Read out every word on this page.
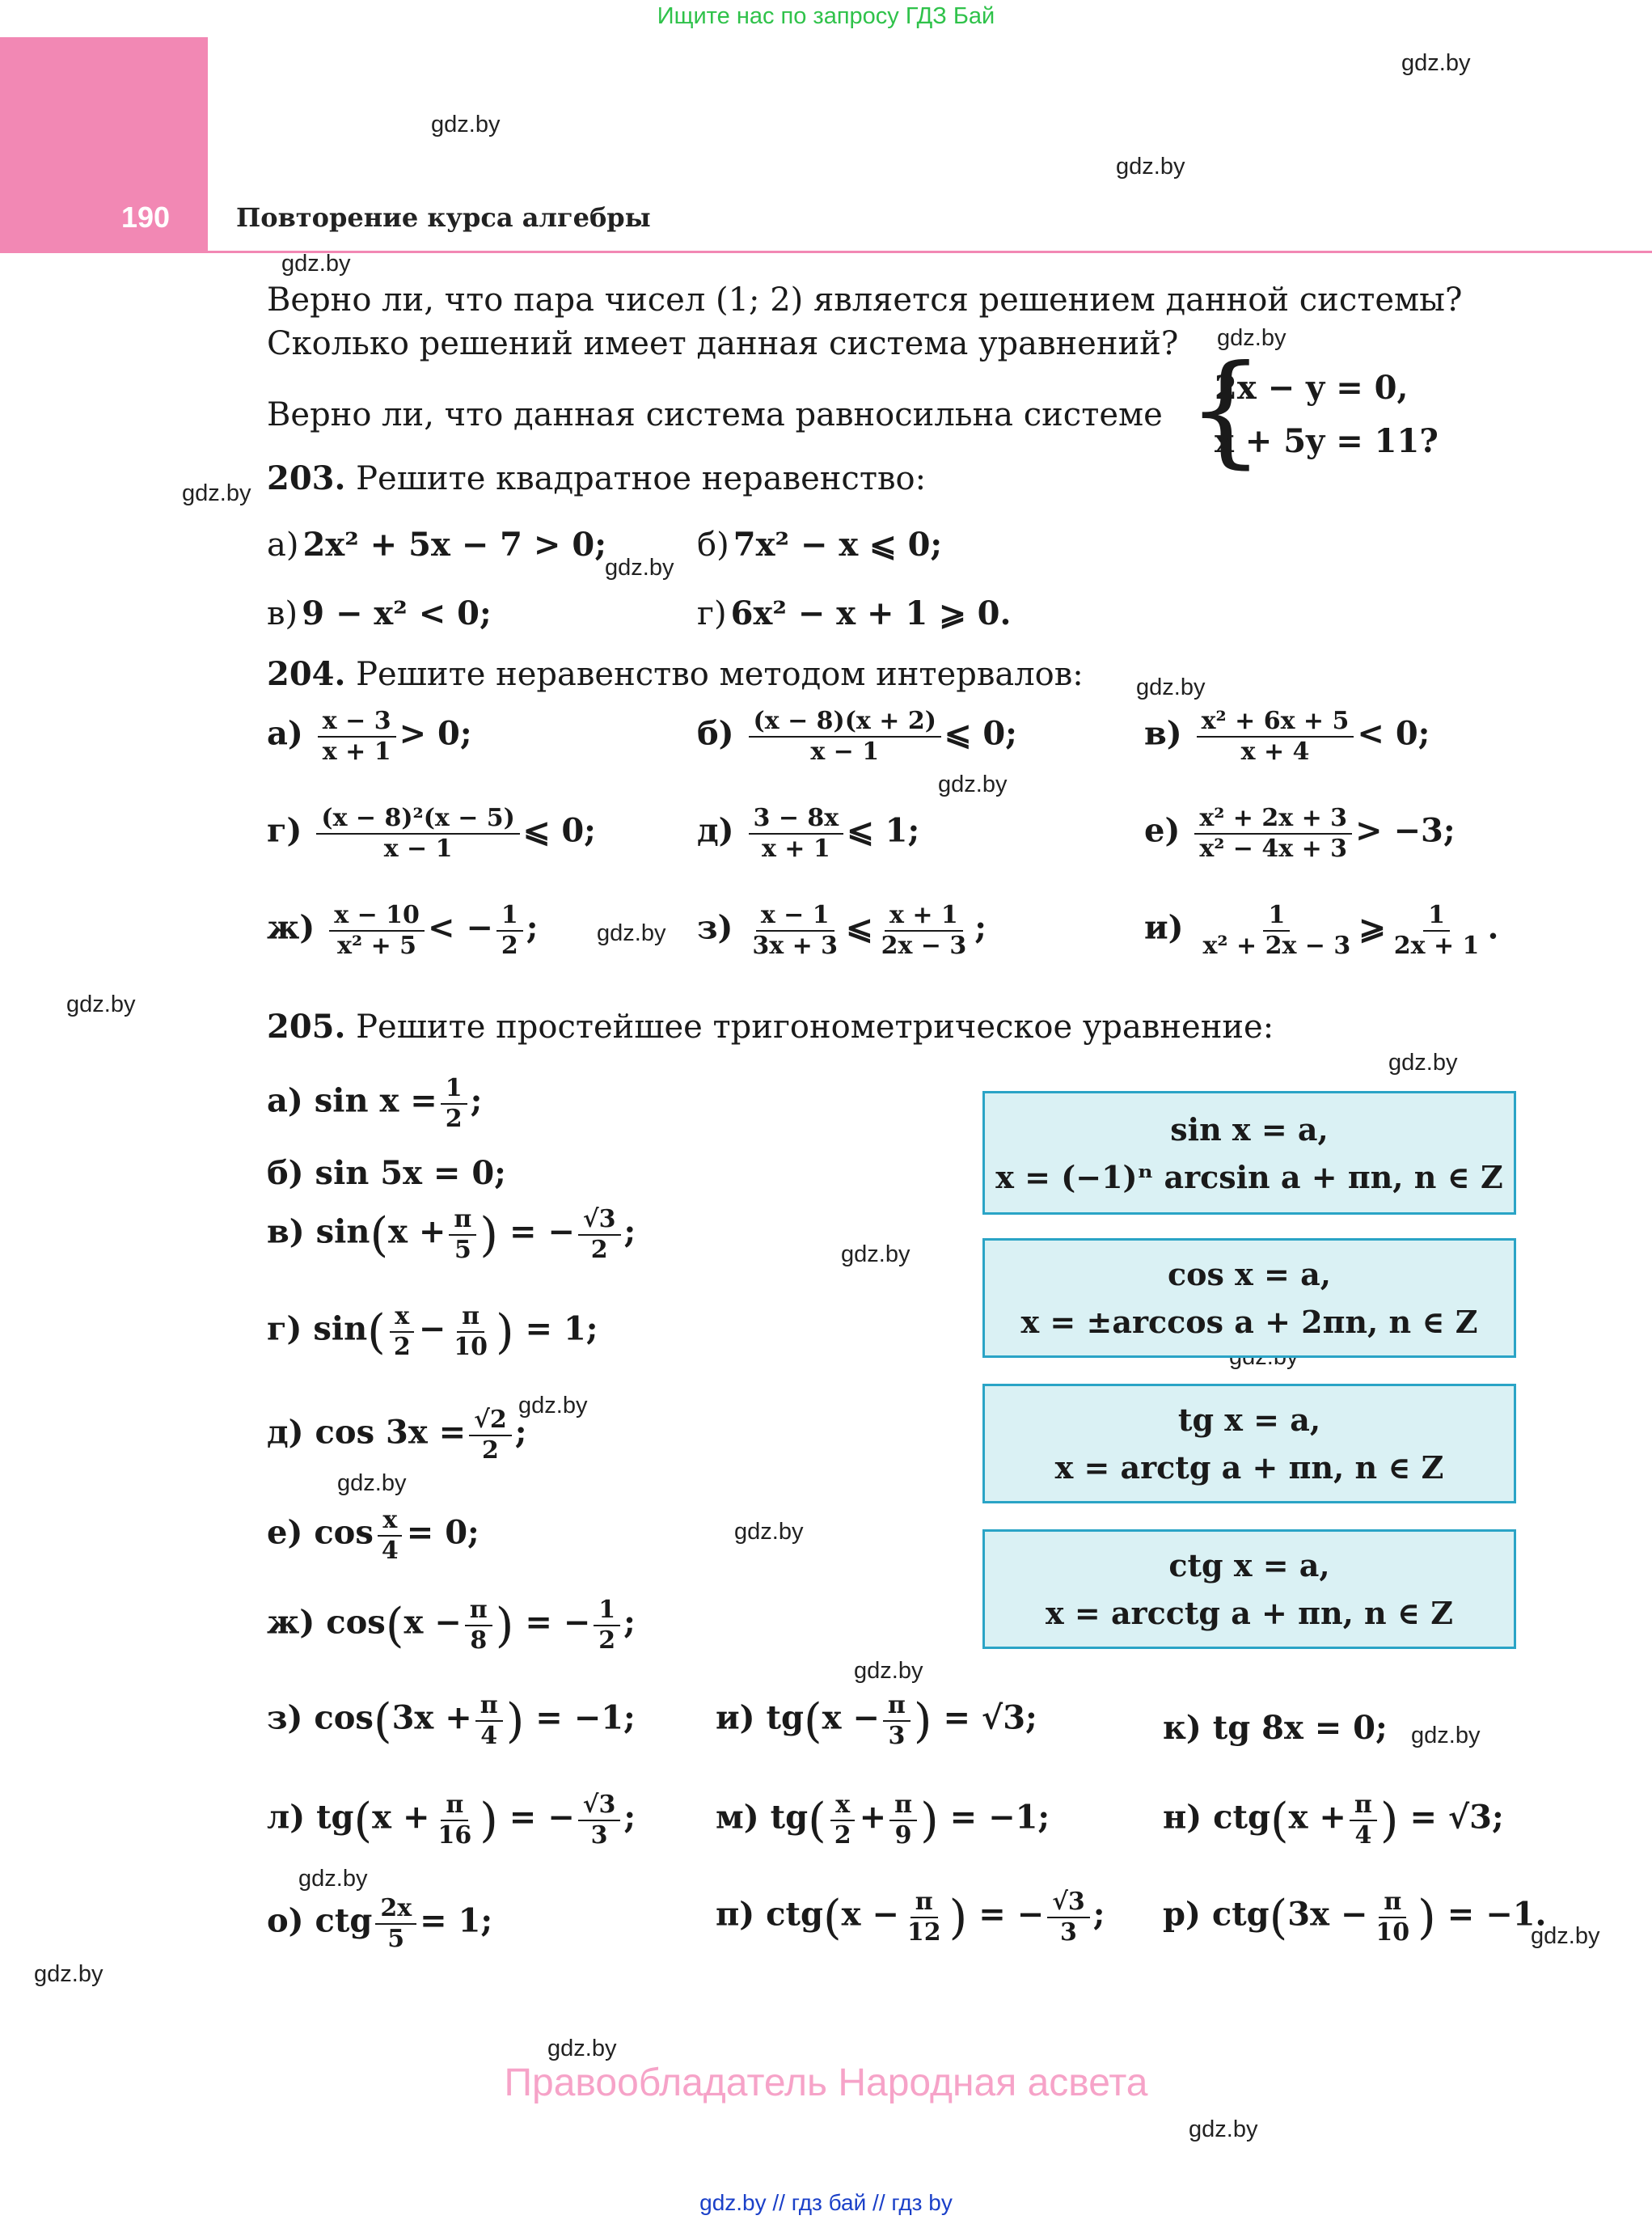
Ищите нас по запросу ГДЗ Бай
190	Повторение курса алгебры
gdz.by
gdz.by
gdz.by
gdz.by
gdz.by
gdz.by
gdz.by
gdz.by
gdz.by
gdz.by
gdz.by
gdz.by
gdz.by
gdz.by
gdz.by
gdz.by
gdz.by
gdz.by
gdz.by
gdz.by
gdz.by
gdz.by
gdz.by
Верно ли, что пара чисел (1; 2) является решением данной системы?
Сколько решений имеет данная система уравнений?
Верно ли, что данная система равносильна системе {
2x − y = 0,
x + 5y = 11?
203. Решите квадратное неравенство:
а) 2x² + 5x − 7 > 0;	б) 7x² − x ⩽ 0;
в) 9 − x² < 0;	г) 6x² − x + 1 ⩾ 0.
204. Решите неравенство методом интервалов:
$а) \frac{x - 3}{x + 1} > 0$;	$б) \frac{(x - 8)(x + 2)}{x - 1}$ ⩽ 0;	$в) \frac{\text{x² + 6x + 5}}{x + 4} < 0$;
$г) \frac{\text{(x − 8)²(x − 5)}}{x - 1}$ ⩽ 0;	$д) \frac{3 - 8x}{x + 1}$ ⩽ 1;	$е) \frac{\text{x² + 2x + 3}}{\text{x² − 4x + 3}} > -3$;
$ж) \frac{x - 10}{\text{x² + 5}}$ < − $\frac{1}{2}$ ;	$з) \frac{x - 1}{3x + 3}$ ⩽ $\frac{x + 1}{2x - 3}$ ;	$и) \frac{1}{\text{x² + 2x − 3}}$ ⩾ $\frac{1}{2x + 1}$ .
205. Решите простейшее тригонометрическое уравнение:
а) $\sin x = \frac{1}{2}$ ;
б) sin 5x = 0;
в) $\sin(x + \frac{\pi}{5}$ ) = − $\frac{√3}{2}$ ;
г) $\sin( \frac{x}{2} - \frac{\pi}{10}$ ) = 1;
д) $\cos 3x = \frac{√2}{2}$ ;
е) $\cos \frac{x}{4} = 0$;
ж) $\cos(x - \frac{\pi}{8}$ ) = − $\frac{1}{2}$ ;
з) $\cos(3x + \frac{\pi}{4}$ ) = −1; и) $tg(x - \frac{\pi}{3}$ ) = √3;	к) tg 8x = 0;
л) $tg(x + \frac{\pi}{16}$ ) = − $\frac{√3}{3}$ ; м) $tg( \frac{x}{2} + \frac{\pi}{9}$ ) = −1;	н) $ctg(x + \frac{\pi}{4}$ ) = √3;
о) ctg $\frac{2x}{5} = 1$;	п) $ctg(x - \frac{\pi}{12}$ ) = − $\frac{√3}{3}$ ; р) $ctg(3x - \frac{\pi}{10}$ ) = −1.
sin x = a,
x = (−1)ⁿ arcsin a + πn, n ∈ Z
cos x = a,
x = ±arccos a + 2πn, n ∈ Z
tg x = a,
x = arctg a + πn, n ∈ Z
ctg x = a,
x = arcctg a + πn, n ∈ Z
Правообладатель Народная асвета
gdz.by // гдз бай // гдз by
